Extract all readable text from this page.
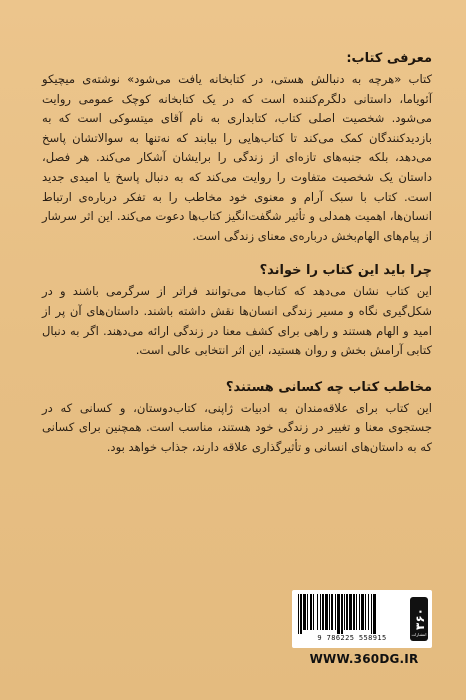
معرفی کتاب:

کتاب «هرچه به دنبالش هستی، در کتابخانه یافت می‌شود» نوشته‌ی میچیکو آئویاما، داستانی دلگرم‌کننده است که در یک کتابخانه کوچک عمومی روایت می‌شود. شخصیت اصلی کتاب، کتابداری به نام آقای میتسوکی است که به بازدیدکنندگان کمک می‌کند تا کتاب‌هایی را بیابند که نه‌تنها به سوالاتشان پاسخ می‌دهد، بلکه جنبه‌های تازه‌ای از زندگی را برایشان آشکار می‌کند. هر فصل، داستان یک شخصیت متفاوت را روایت می‌کند که به دنبال پاسخ یا امیدی جدید است. کتاب با سبک آرام و معنوی خود مخاطب را به تفکر درباره‌ی ارتباط انسان‌ها، اهمیت همدلی و تأثیر شگفت‌انگیز کتاب‌ها دعوت می‌کند. این اثر سرشار از پیام‌های الهام‌بخش درباره‌ی معنای زندگی است.

چرا باید این کتاب را خواند؟

این کتاب نشان می‌دهد که کتاب‌ها می‌توانند فراتر از سرگرمی باشند و در شکل‌گیری نگاه و مسیر زندگی انسان‌ها نقش داشته باشند. داستان‌های آن پر از امید و الهام هستند و راهی برای کشف معنا در زندگی ارائه می‌دهند. اگر به دنبال کتابی آرامش بخش و روان هستید، این اثر انتخابی عالی است.

مخاطب کتاب چه کسانی هستند؟

این کتاب برای علاقه‌مندان به ادبیات ژاپنی، کتاب‌دوستان، و کسانی که در جستجوی معنا و تغییر در زندگی خود هستند، مناسب است. همچنین برای کسانی که به داستان‌های انسانی و تأثیرگذاری علاقه دارند، جذاب خواهد بود.

9 786225 558915
۳۶۰
انتشارات
WWW.360DG.IR
